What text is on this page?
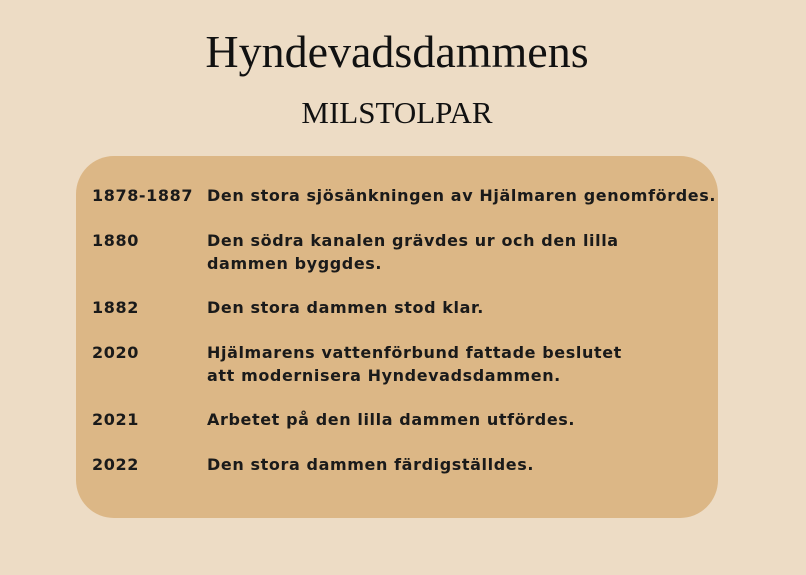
Hyndevadsdammens
MILSTOLPAR
1878-1887 Den stora sjösänkningen av Hjälmaren genomfördes.
1880	Den södra kanalen grävdes ur och den lilla
dammen byggdes.
1882	Den stora dammen stod klar.
2020	Hjälmarens vattenförbund fattade beslutet
att modernisera Hyndevadsdammen.
2021	Arbetet på den lilla dammen utfördes.
2022	Den stora dammen färdigställdes.
